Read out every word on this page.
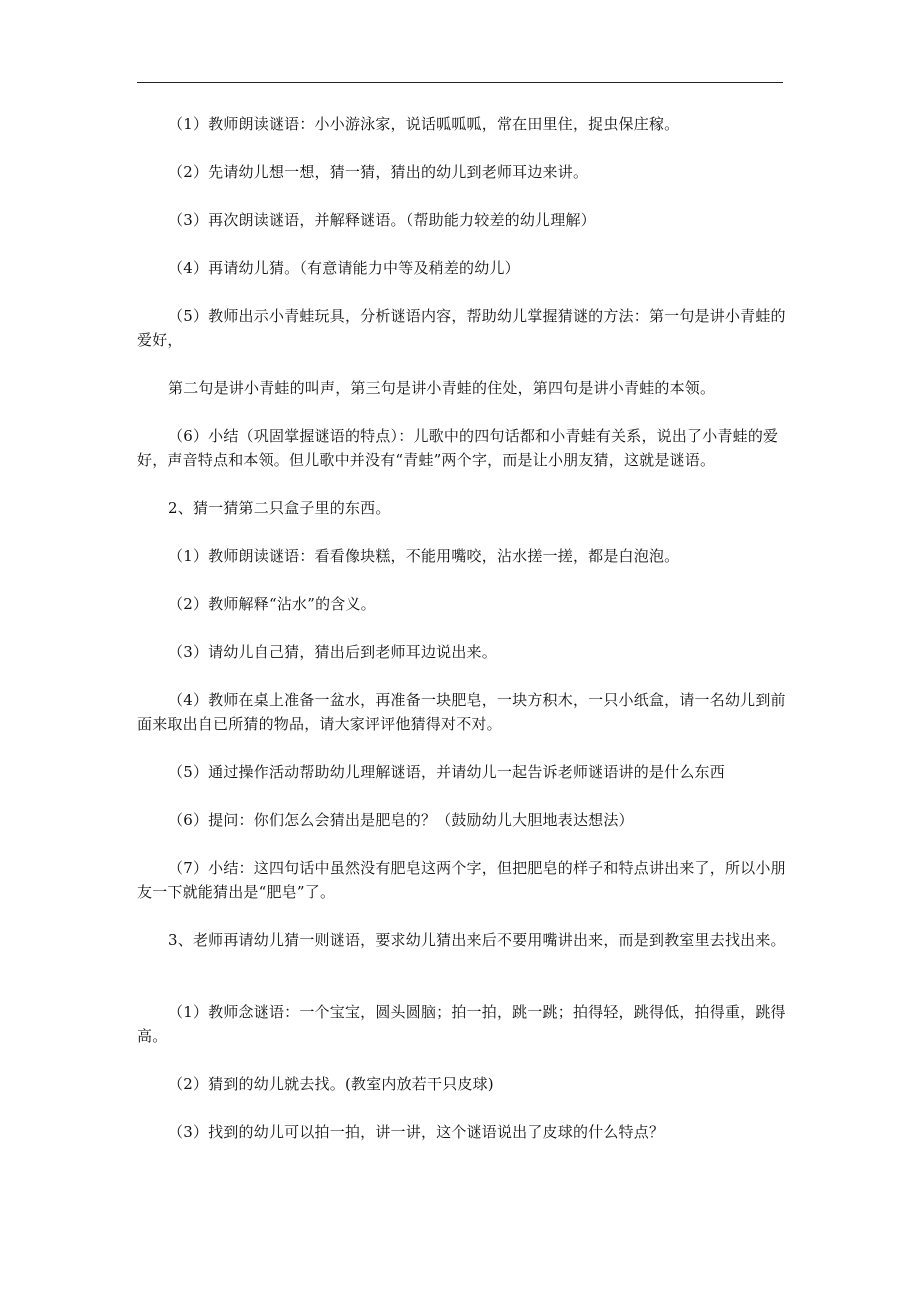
（1）教师朗读谜语：小小游泳家，说话呱呱呱，常在田里住，捉虫保庄稼。

（2）先请幼儿想一想，猜一猜，猜出的幼儿到老师耳边来讲。

（3）再次朗读谜语，并解释谜语。（帮助能力较差的幼儿理解）

（4）再请幼儿猜。（有意请能力中等及稍差的幼儿）

（5）教师出示小青蛙玩具，分析谜语内容，帮助幼儿掌握猜谜的方法：第一句是讲小青蛙的爱好，

第二句是讲小青蛙的叫声，第三句是讲小青蛙的住处，第四句是讲小青蛙的本领。

（6）小结（巩固掌握谜语的特点）：儿歌中的四句话都和小青蛙有关系，说出了小青蛙的爱好，声音特点和本领。但儿歌中并没有“青蛙”两个字，而是让小朋友猜，这就是谜语。

2、猜一猜第二只盒子里的东西。

（1）教师朗读谜语：看看像块糕，不能用嘴咬，沾水搓一搓，都是白泡泡。

（2）教师解释“沾水”的含义。

（3）请幼儿自己猜，猜出后到老师耳边说出来。

（4）教师在桌上准备一盆水，再准备一块肥皂，一块方积木，一只小纸盒，请一名幼儿到前面来取出自已所猜的物品，请大家评评他猜得对不对。

（5）通过操作活动帮助幼儿理解谜语，并请幼儿一起告诉老师谜语讲的是什么东西

（6）提问：你们怎么会猜出是肥皂的？（鼓励幼儿大胆地表达想法）

（7）小结：这四句话中虽然没有肥皂这两个字，但把肥皂的样子和特点讲出来了，所以小朋友一下就能猜出是“肥皂”了。

3、老师再请幼儿猜一则谜语，要求幼儿猜出来后不要用嘴讲出来，而是到教室里去找出来。

（1）教师念谜语：一个宝宝，圆头圆脑；拍一拍，跳一跳；拍得轻，跳得低，拍得重，跳得高。

（2）猜到的幼儿就去找。(教室内放若干只皮球)

（3）找到的幼儿可以拍一拍，讲一讲，这个谜语说出了皮球的什么特点？
